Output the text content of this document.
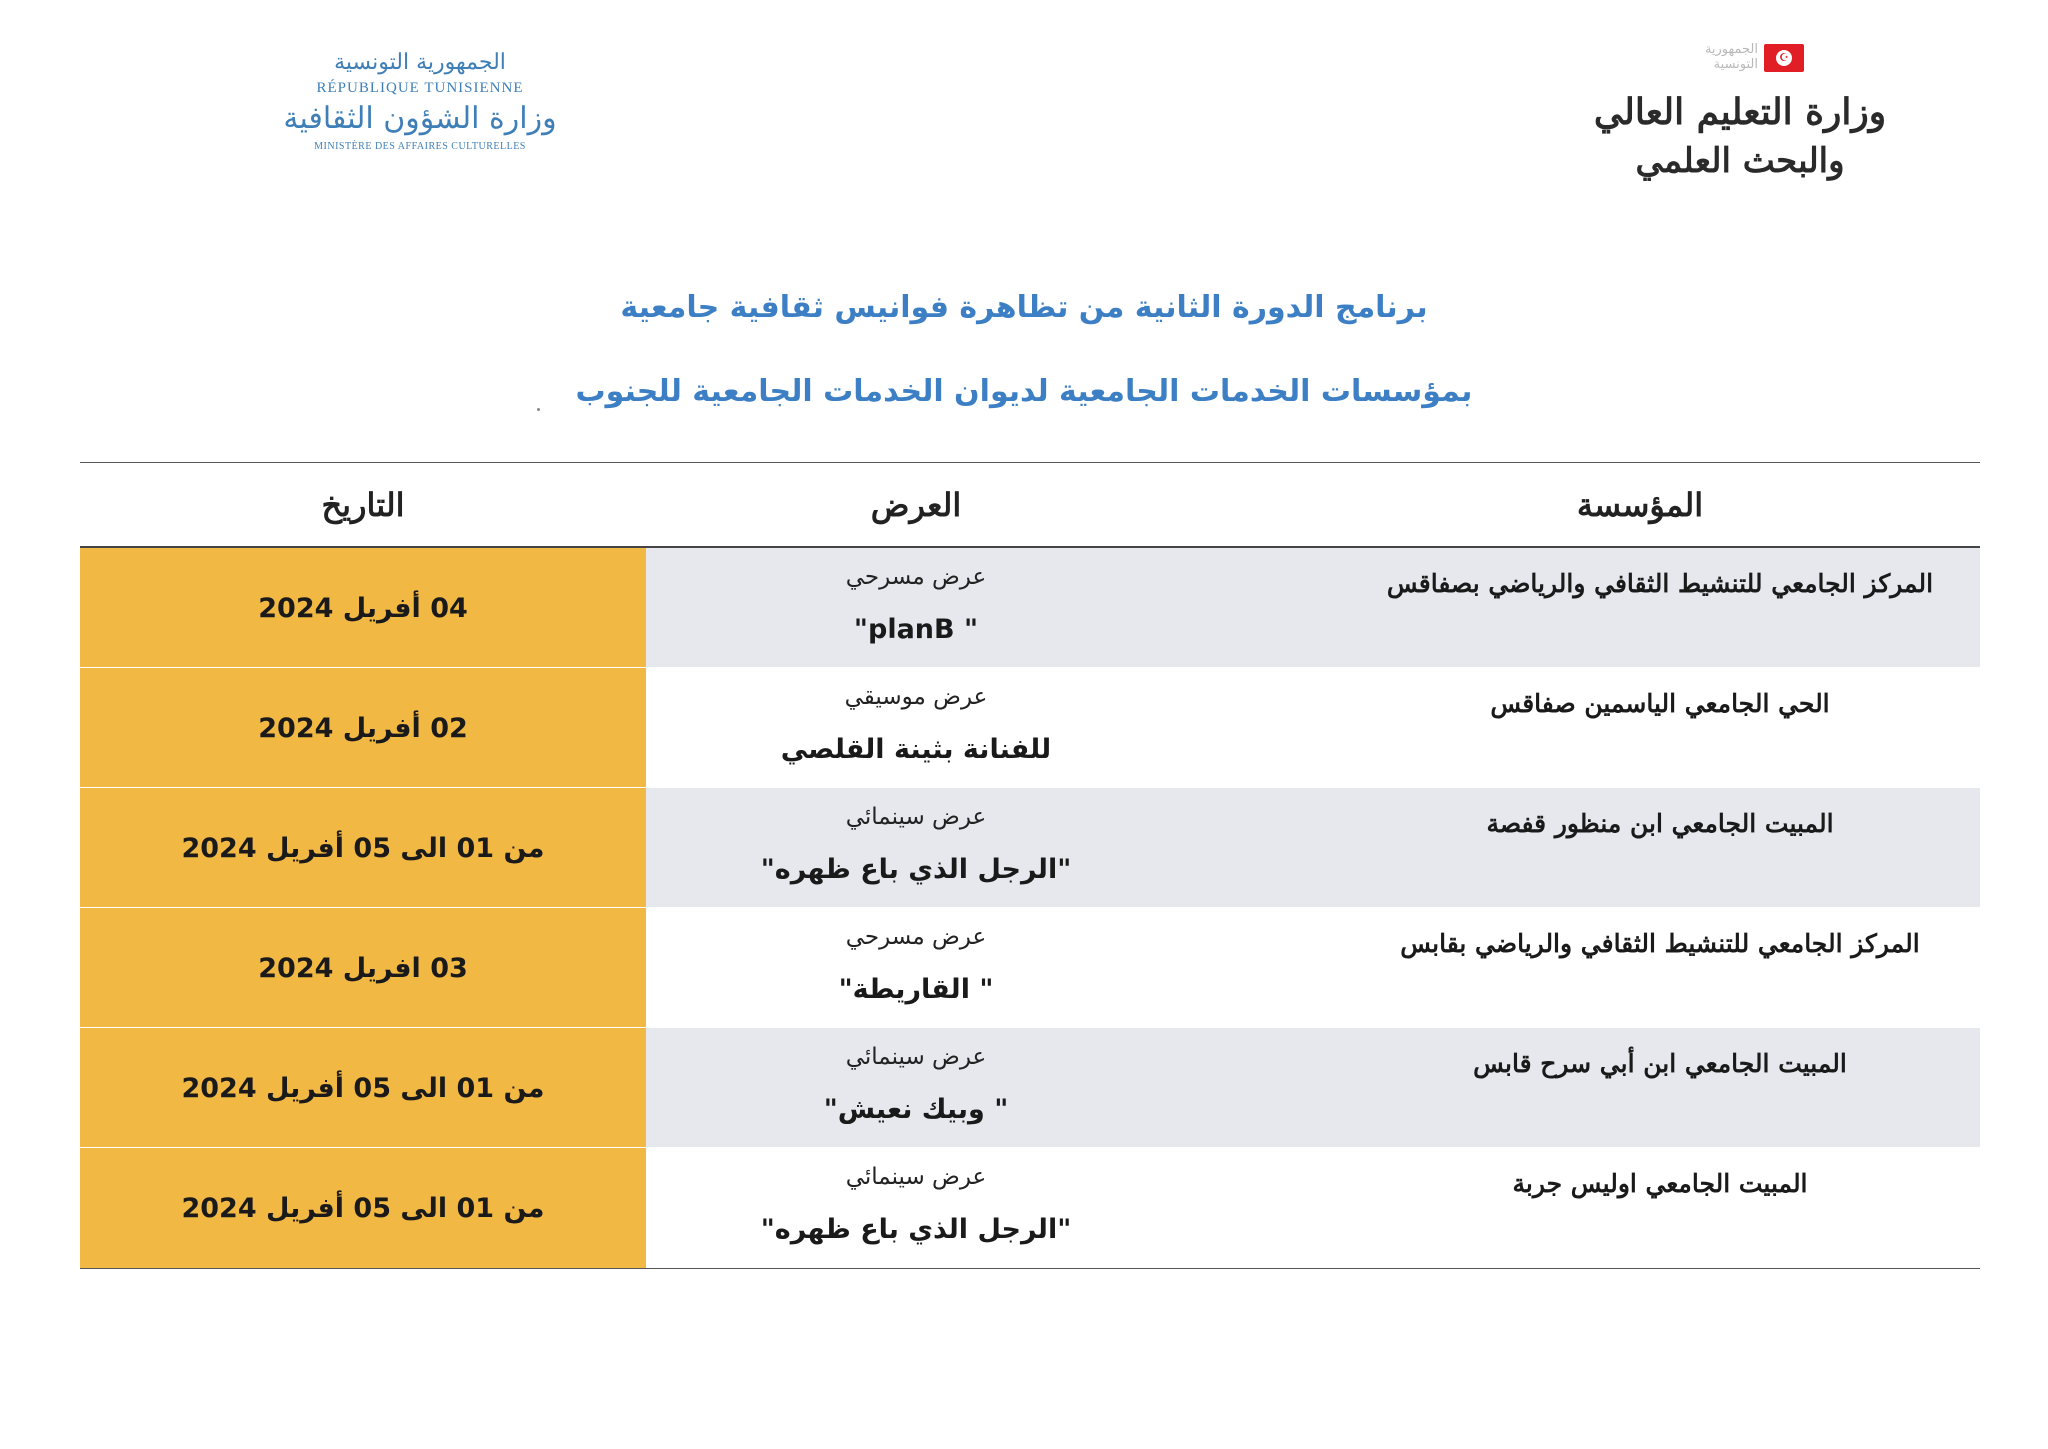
الجمهورية التونسية
RÉPUBLIQUE TUNISIENNE
وزارة الشؤون الثقافية
MINISTÈRE DES AFFAIRES CULTURELLES
الجمهورية
التونسية ☪
وزارة التعليم العالي
والبحث العلمي
برنامج الدورة الثانية من تظاهرة فوانيس ثقافية جامعية
بمؤسسات الخدمات الجامعية لديوان الخدمات الجامعية للجنوب
التاريخ	العرض	المؤسسة
04 أفريل 2024
عرض مسرحي
" planB"
المركز الجامعي للتنشيط الثقافي والرياضي بصفاقس
02 أفريل 2024
عرض موسيقي
للفنانة بثينة القلصي
الحي الجامعي الياسمين صفاقس
من 01 الى 05 أفريل 2024
عرض سينمائي
"الرجل الذي باع ظهره"
المبيت الجامعي ابن منظور قفصة
03 افريل 2024
عرض مسرحي
" القاريطة"
المركز الجامعي للتنشيط الثقافي والرياضي بقابس
من 01 الى 05 أفريل 2024
عرض سينمائي
" وبيك نعيش"
المبيت الجامعي ابن أبي سرح قابس
من 01 الى 05 أفريل 2024
عرض سينمائي
"الرجل الذي باع ظهره"
المبيت الجامعي اوليس جربة
